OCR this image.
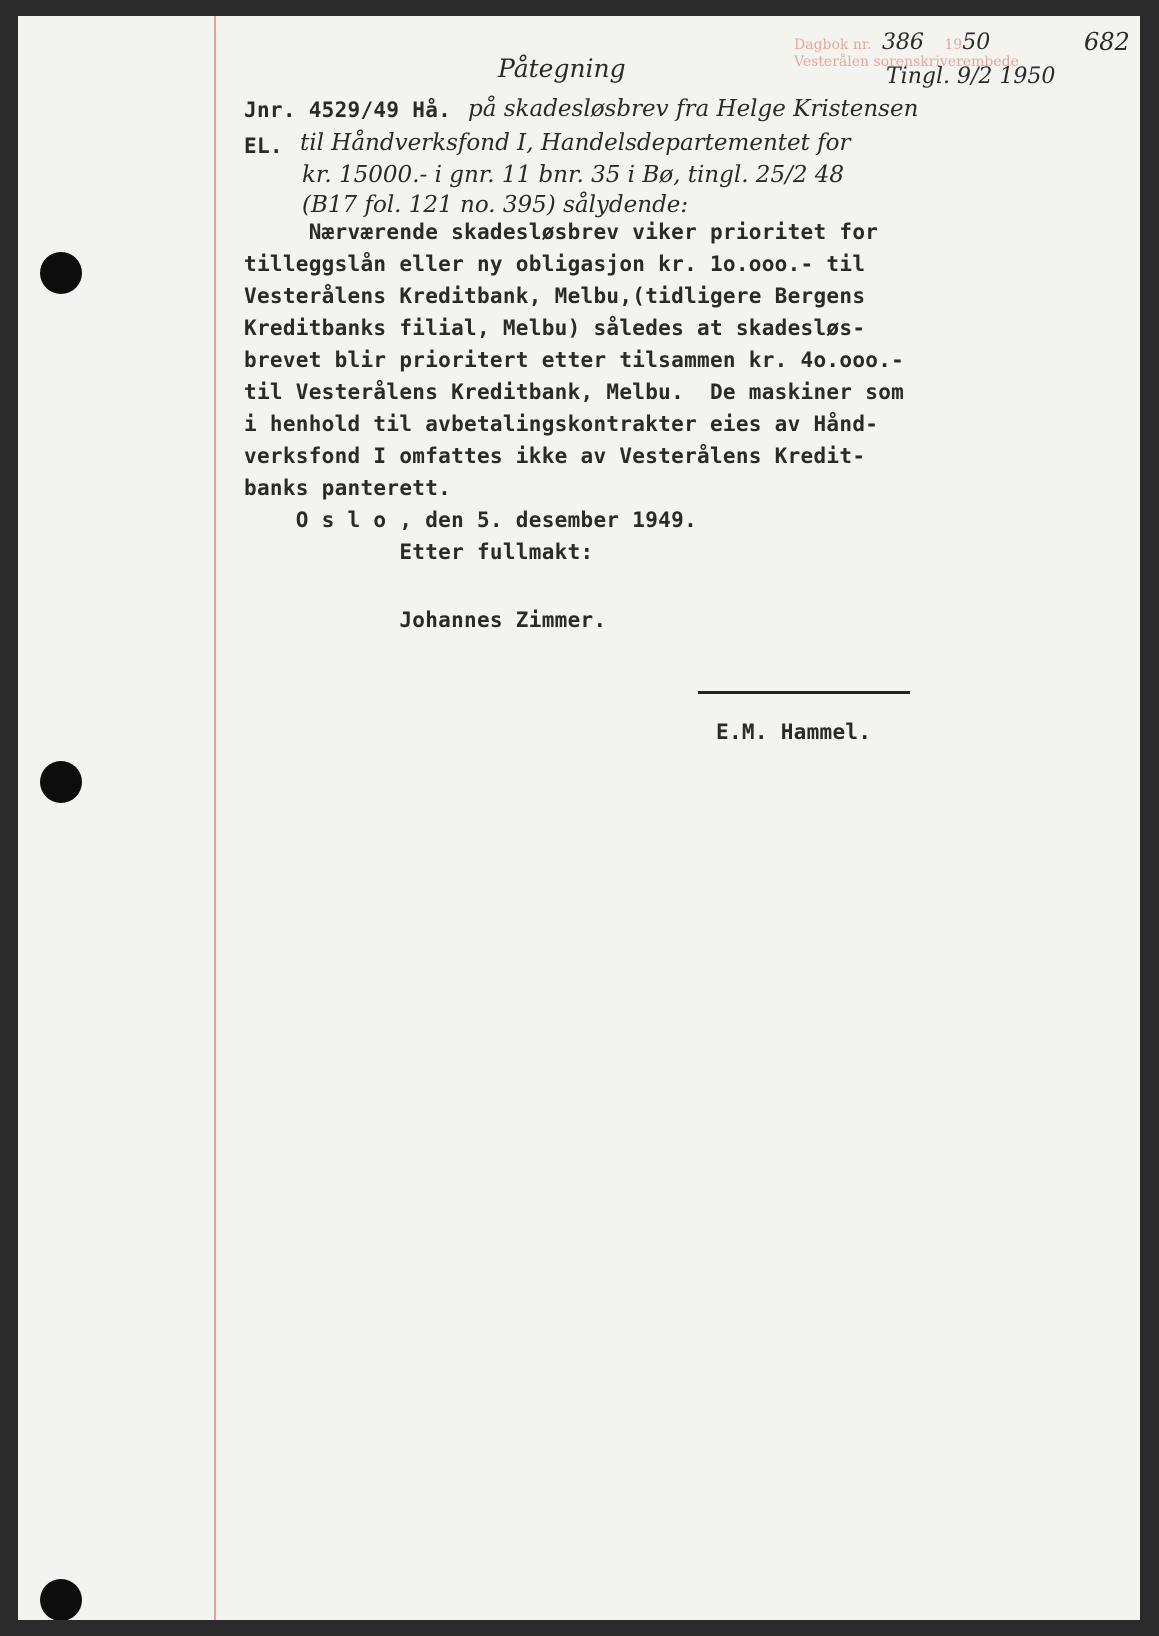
Dagbok nr. 386 1950
Vesterålen sorenskriverembede
682
Påtegning	Tingl. 9/2 1950
Jnr. 4529/49 Hå. på skadesløsbrev fra Helge Kristensen
EL. til Håndverksfond I, Handelsdepartementet for
kr. 15000.- i gnr. 11 bnr. 35 i Bø, tingl. 25/2 48
(B17 fol. 121 no. 395) sålydende:
Nærværende skadesløsbrev viker prioritet for
tilleggslån eller ny obligasjon kr. 1o.ooo.- til
Vesterålens Kreditbank, Melbu,(tidligere Bergens
Kreditbanks filial, Melbu) således at skadesløs-
brevet blir prioritert etter tilsammen kr. 4o.ooo.-
til Vesterålens Kreditbank, Melbu.  De maskiner som
i henhold til avbetalingskontrakter eies av Hånd-
verksfond I omfattes ikke av Vesterålens Kredit-
banks panterett.
O s l o , den 5. desember 1949.
Etter fullmakt:
Johannes Zimmer.
E.M. Hammel.
